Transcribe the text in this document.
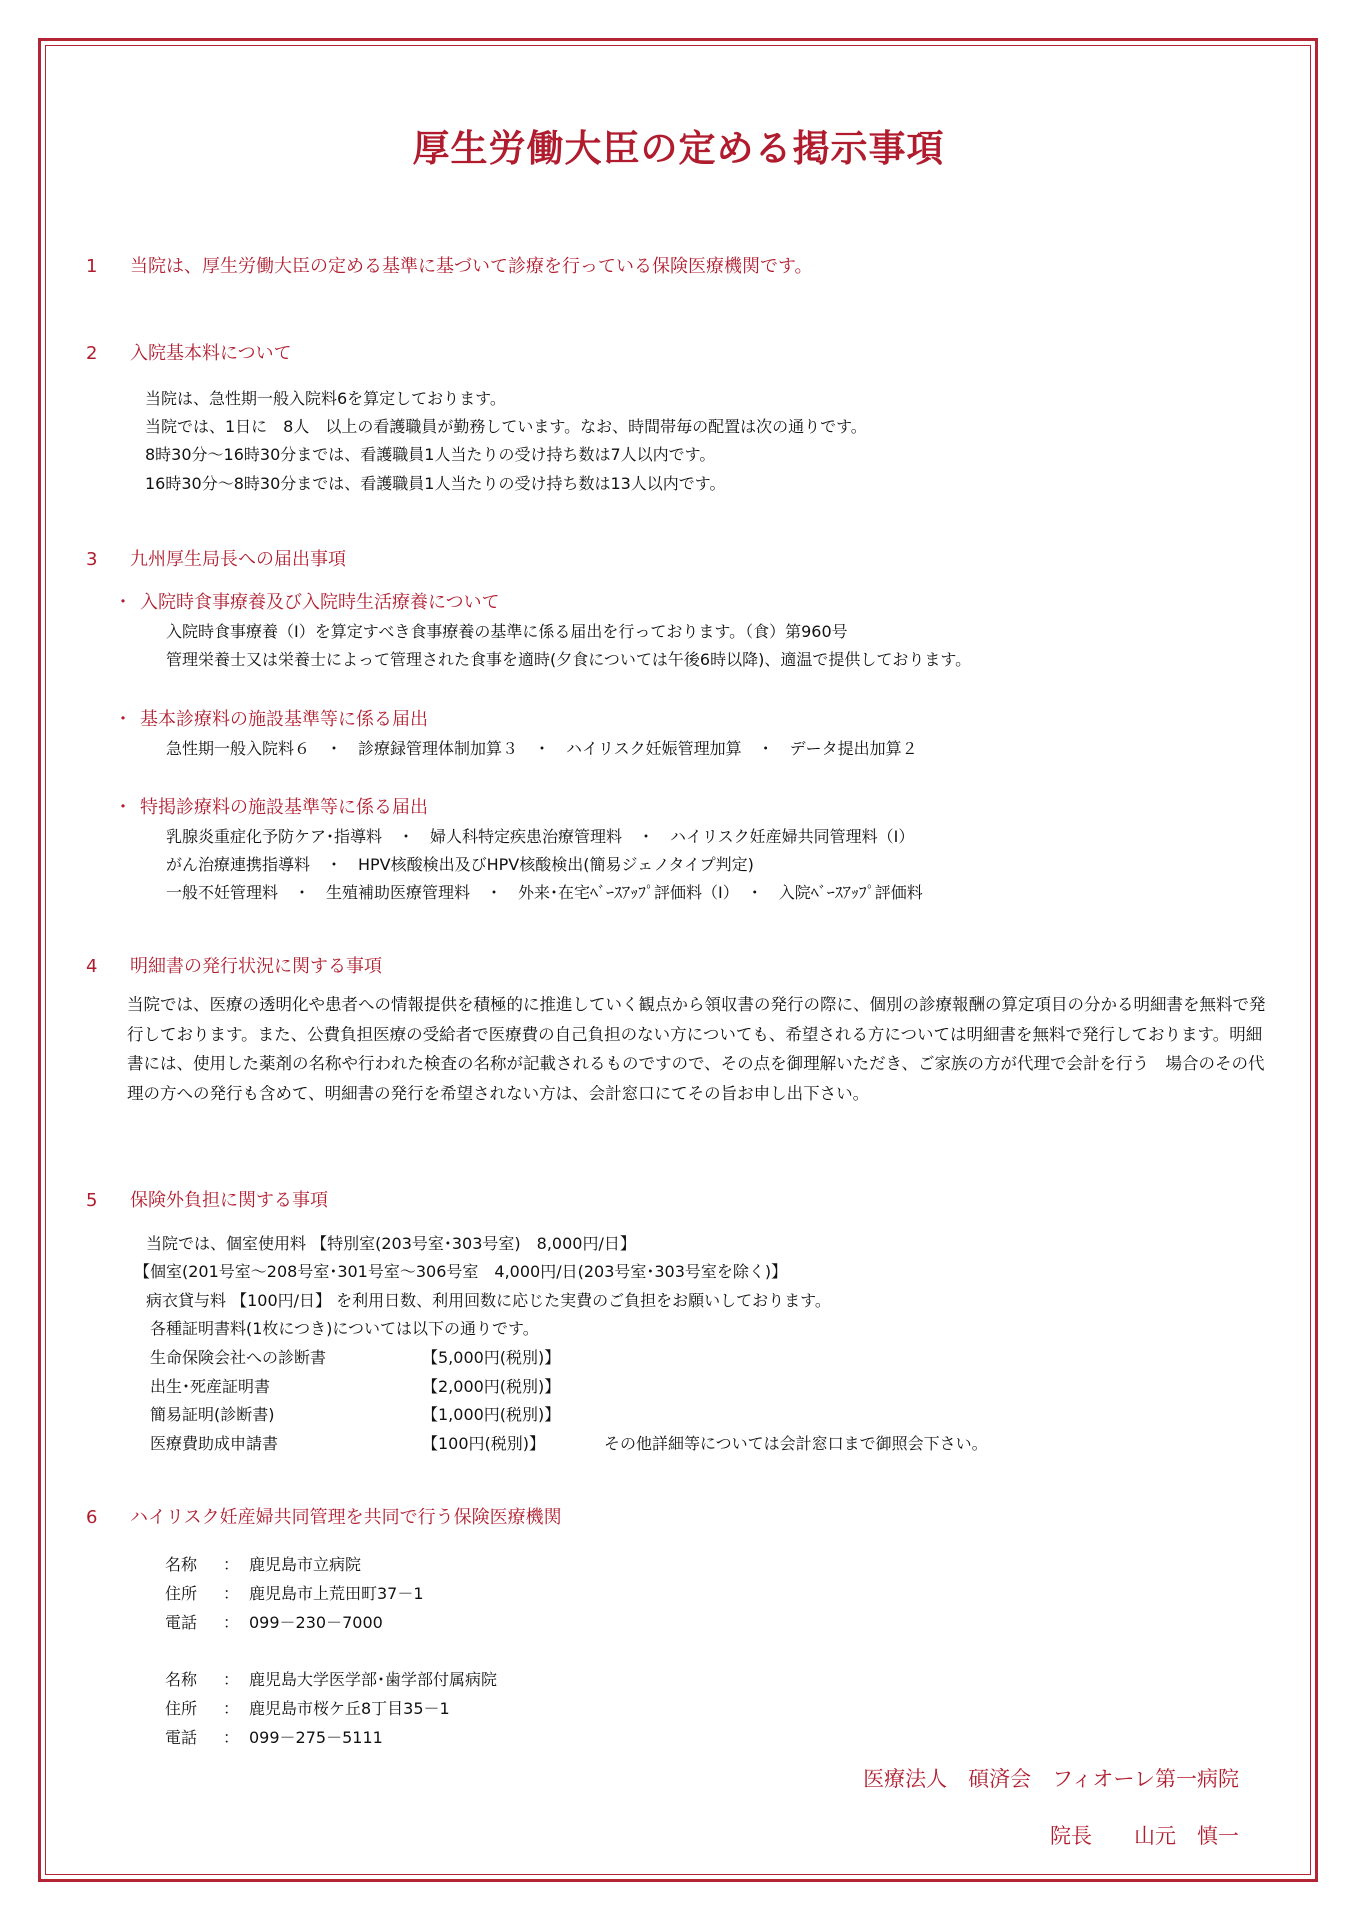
厚生労働大臣の定める掲示事項
1 当院は、厚生労働大臣の定める基準に基づいて診療を行っている保険医療機関です。
2 入院基本料について
当院は、急性期一般入院料6を算定しております。
当院では、1日に　8人　以上の看護職員が勤務しています。なお、時間帯毎の配置は次の通りです。
8時30分～16時30分までは、看護職員1人当たりの受け持ち数は7人以内です。
16時30分～8時30分までは、看護職員1人当たりの受け持ち数は13人以内です。
3 九州厚生局長への届出事項
・ 入院時食事療養及び入院時生活療養について
入院時食事療養（Ⅰ）を算定すべき食事療養の基準に係る届出を行っております。（食）第960号
管理栄養士又は栄養士によって管理された食事を適時(夕食については午後6時以降)、適温で提供しております。
・ 基本診療料の施設基準等に係る届出
急性期一般入院料６　・　診療録管理体制加算３　・　ハイリスク妊娠管理加算　・　データ提出加算２
・ 特掲診療料の施設基準等に係る届出
乳腺炎重症化予防ケア･指導料　・　婦人科特定疾患治療管理料　・　ハイリスク妊産婦共同管理料（Ⅰ）
がん治療連携指導料　・　HPV核酸検出及びHPV核酸検出(簡易ジェノタイプ判定)
一般不妊管理料　・　生殖補助医療管理料　・　外来･在宅ﾍﾞｰｽｱｯﾌﾟ評価料（Ⅰ）　・　入院ﾍﾞｰｽｱｯﾌﾟ評価料
4 明細書の発行状況に関する事項
当院では、医療の透明化や患者への情報提供を積極的に推進していく観点から領収書の発行の際に、個別の診療報酬の算定項目の分かる明細書を無料で発行しております。また、公費負担医療の受給者で医療費の自己負担のない方についても、希望される方については明細書を無料で発行しております。明細書には、使用した薬剤の名称や行われた検査の名称が記載されるものですので、その点を御理解いただき、ご家族の方が代理で会計を行う　場合のその代理の方への発行も含めて、明細書の発行を希望されない方は、会計窓口にてその旨お申し出下さい。
5 保険外負担に関する事項
当院では、個室使用料 【特別室(203号室･303号室)　8,000円/日】
【個室(201号室～208号室･301号室～306号室　4,000円/日(203号室･303号室を除く)】
病衣貸与料 【100円/日】 を利用日数、利用回数に応じた実費のご負担をお願いしております。
各種証明書料(1枚につき)については以下の通りです。
生命保険会社への診断書	【5,000円(税別)】
出生･死産証明書	【2,000円(税別)】
簡易証明(診断書)	【1,000円(税別)】
医療費助成申請書	【100円(税別)】	その他詳細等については会計窓口まで御照会下さい。
6 ハイリスク妊産婦共同管理を共同で行う保険医療機関
名称 ： 鹿児島市立病院
住所 ： 鹿児島市上荒田町37－1
電話 ： 099－230－7000
名称 ： 鹿児島大学医学部･歯学部付属病院
住所 ： 鹿児島市桜ケ丘8丁目35－1
電話 ： 099－275－5111
医療法人　碩済会　フィオーレ第一病院
院長　　山元　慎一
